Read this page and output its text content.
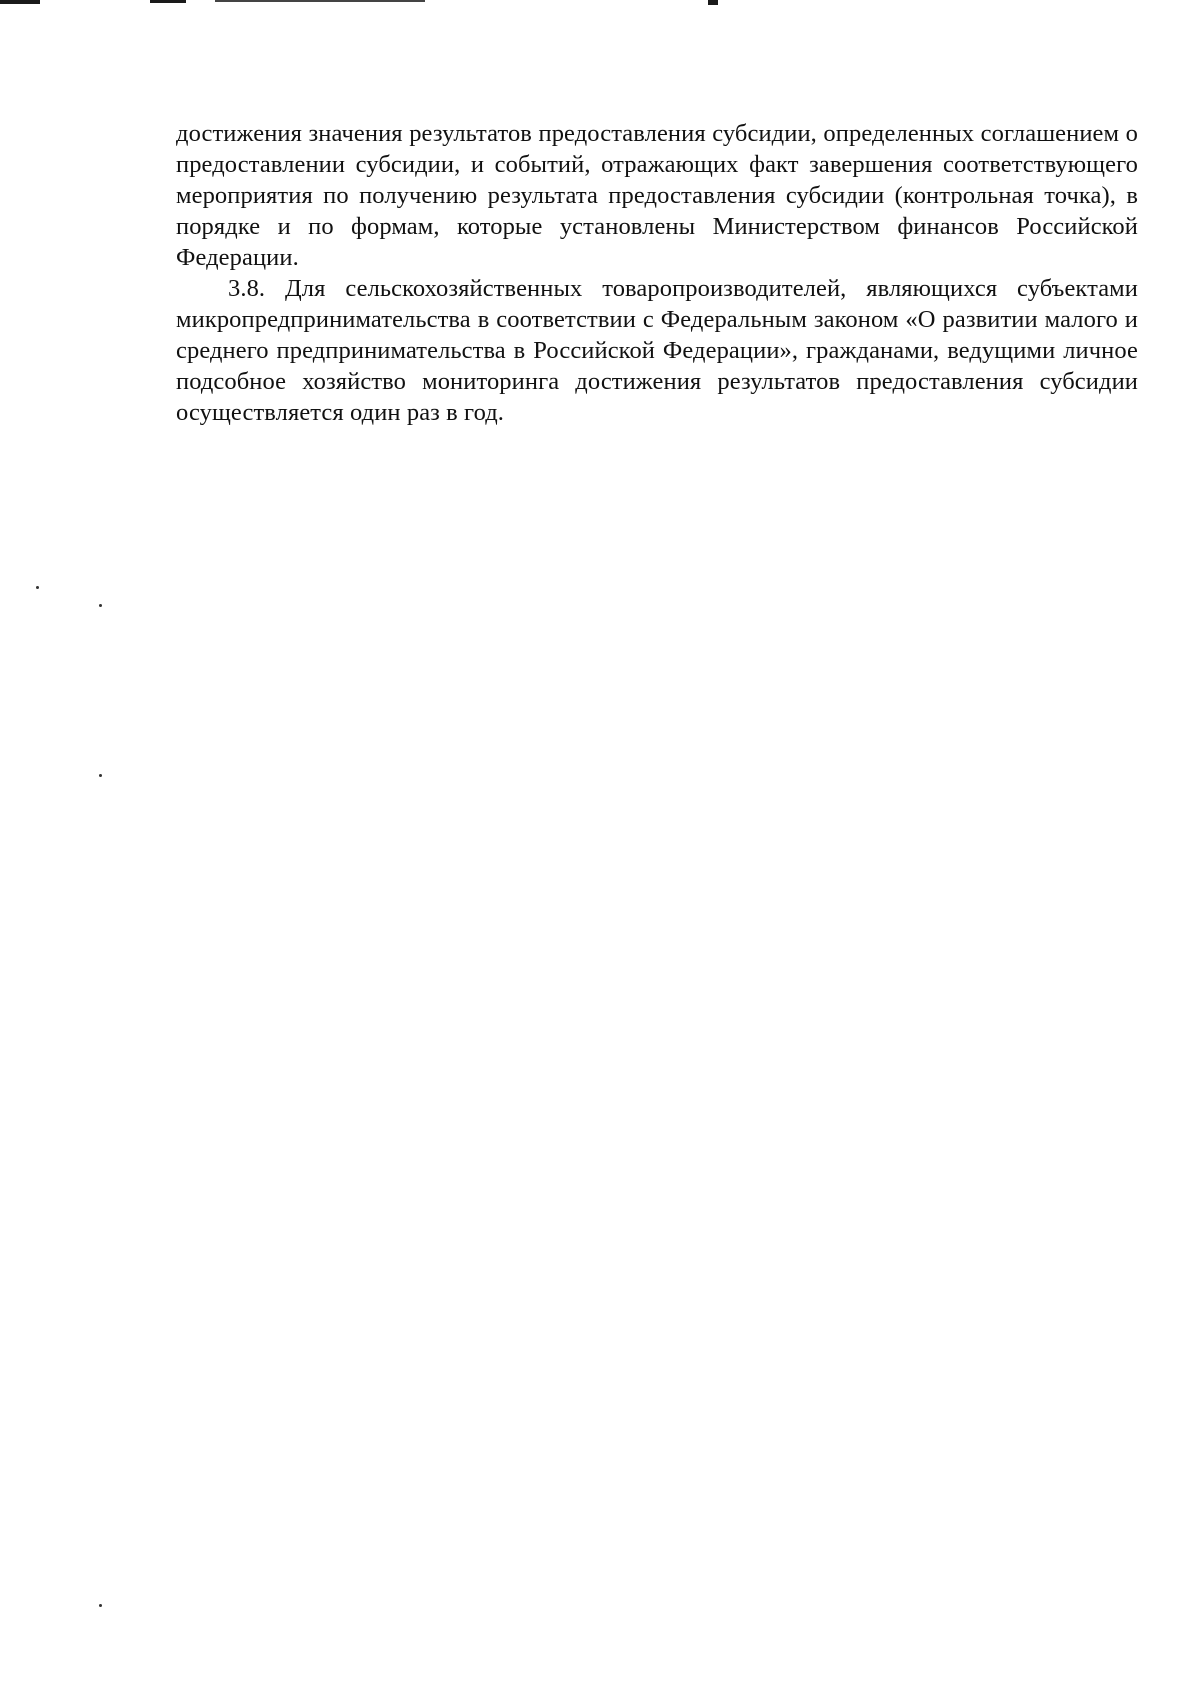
достижения значения результатов предоставления субсидии, определенных соглашением о предоставлении субсидии, и событий, отражающих факт завершения соответствующего мероприятия по получению результата предоставления субсидии (контрольная точка), в порядке и по формам, которые установлены Министерством финансов Российской Федерации.

3.8. Для сельскохозяйственных товаропроизводителей, являющихся субъектами микропредпринимательства в соответствии с Федеральным законом «О развитии малого и среднего предпринимательства в Российской Федерации», гражданами, ведущими личное подсобное хозяйство мониторинга достижения результатов предоставления субсидии осуществляется один раз в год.
